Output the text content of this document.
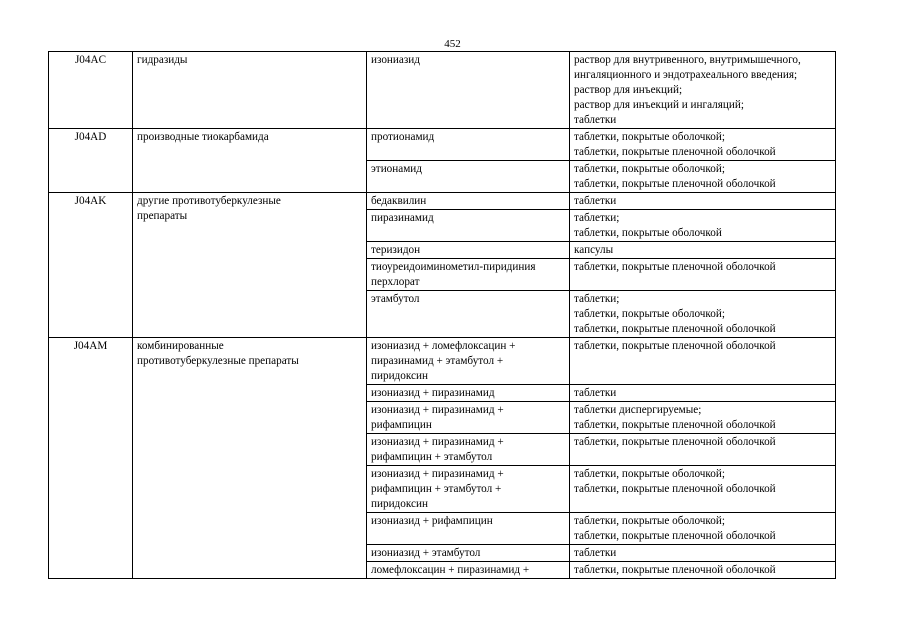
452
J04AC	гидразиды	изониазид	раствор для внутривенного, внутримышечного,
ингаляционного и эндотрахеального введения;
раствор для инъекций;
раствор для инъекций и ингаляций;
таблетки

J04AD	производные тиокарбамида	протионамид	таблетки, покрытые оболочкой;
таблетки, покрытые пленочной оболочкой

		этионамид	таблетки, покрытые оболочкой;
таблетки, покрытые пленочной оболочкой

J04AK	другие противотуберкулезные
препараты	бедаквилин	таблетки

		пиразинамид	таблетки;
таблетки, покрытые оболочкой

		теризидон	капсулы

		тиоуреидоиминометил-пиридиния
перхлорат	таблетки, покрытые пленочной оболочкой

		этамбутол	таблетки;
таблетки, покрытые оболочкой;
таблетки, покрытые пленочной оболочкой

J04AM	комбинированные
противотуберкулезные препараты	изониазид + ломефлоксацин +
пиразинамид + этамбутол +
пиридоксин	таблетки, покрытые пленочной оболочкой

		изониазид + пиразинамид	таблетки

		изониазид + пиразинамид +
рифампицин	таблетки диспергируемые;
таблетки, покрытые пленочной оболочкой

		изониазид + пиразинамид +
рифампицин + этамбутол	таблетки, покрытые пленочной оболочкой

		изониазид + пиразинамид +
рифампицин + этамбутол +
пиридоксин	таблетки, покрытые оболочкой;
таблетки, покрытые пленочной оболочкой

		изониазид + рифампицин	таблетки, покрытые оболочкой;
таблетки, покрытые пленочной оболочкой

		изониазид + этамбутол	таблетки

		ломефлоксацин + пиразинамид +	таблетки, покрытые пленочной оболочкой
